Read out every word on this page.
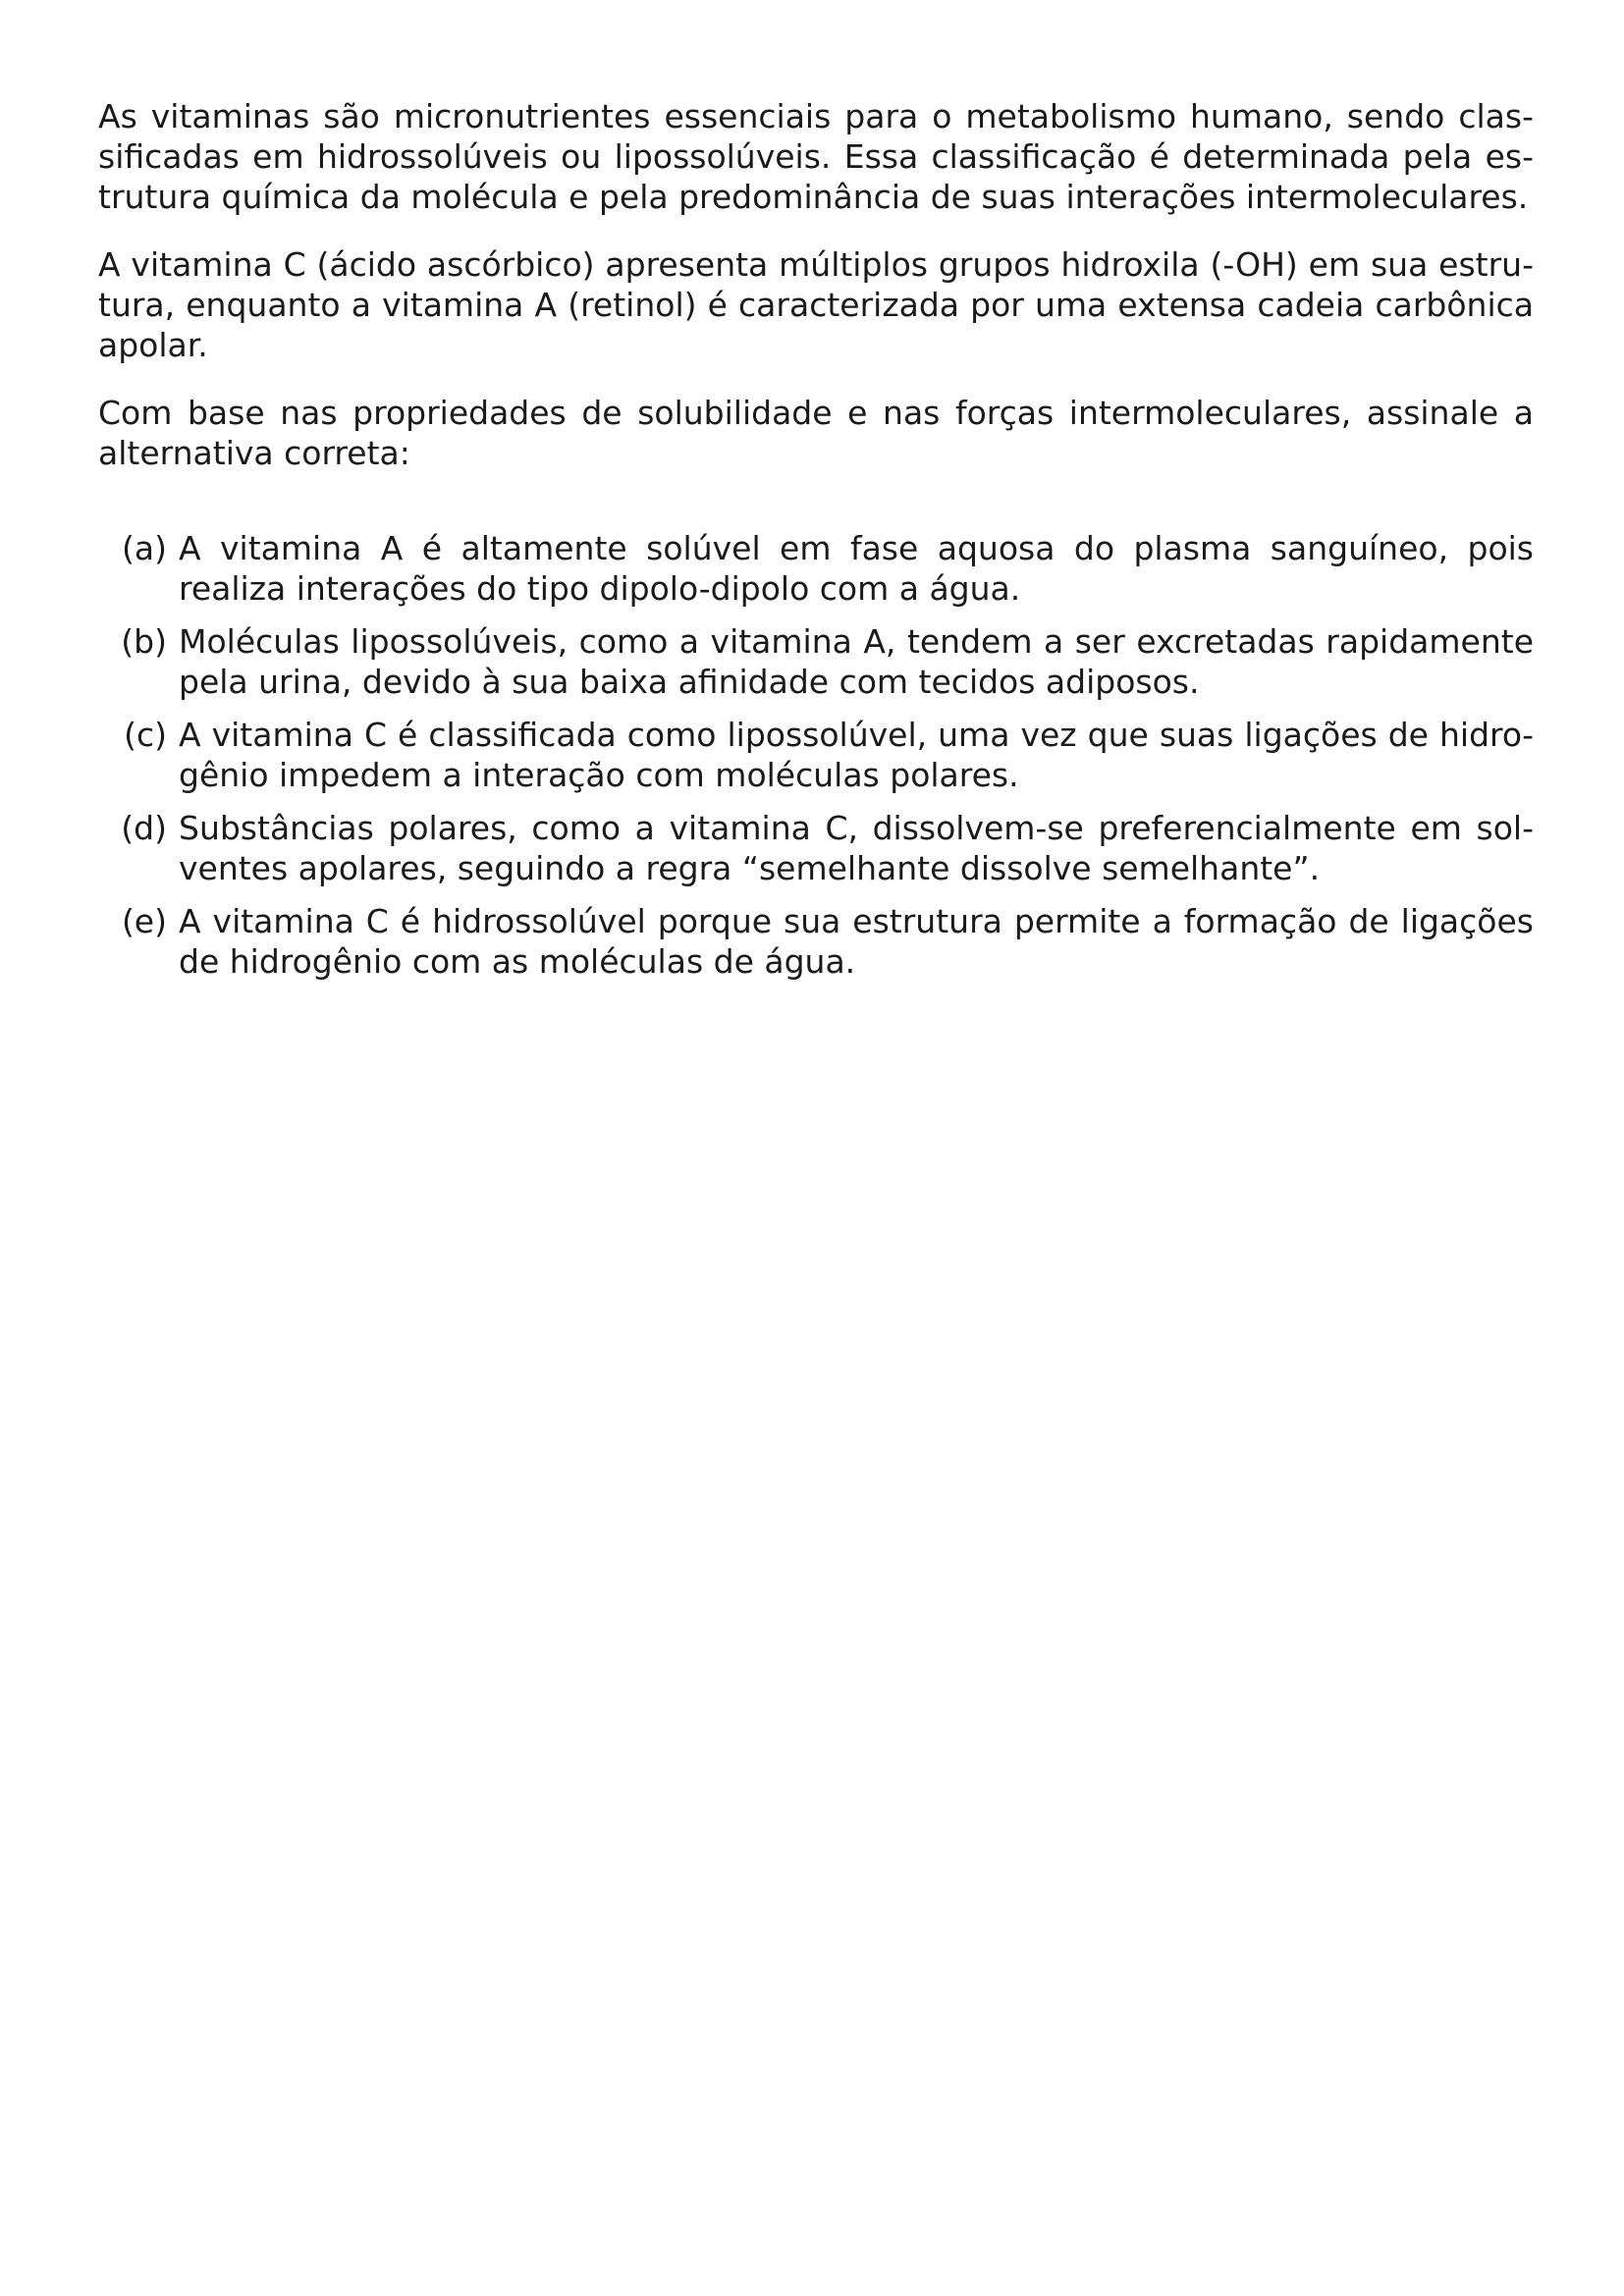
As vitaminas são micronutrientes essenciais para o metabolismo humano, sendo classificadas em hidrossolúveis ou lipossolúveis. Essa classificação é determinada pela estrutura química da molécula e pela predominância de suas interações intermoleculares.

A vitamina C (ácido ascórbico) apresenta múltiplos grupos hidroxila (-OH) em sua estrutura, enquanto a vitamina A (retinol) é caracterizada por uma extensa cadeia carbônica apolar.

Com base nas propriedades de solubilidade e nas forças intermoleculares, assinale a alternativa correta:

(a) A vitamina A é altamente solúvel em fase aquosa do plasma sanguíneo, pois realiza interações do tipo dipolo-dipolo com a água.
(b) Moléculas lipossolúveis, como a vitamina A, tendem a ser excretadas rapidamente pela urina, devido à sua baixa afinidade com tecidos adiposos.
(c) A vitamina C é classificada como lipossolúvel, uma vez que suas ligações de hidrogênio impedem a interação com moléculas polares.
(d) Substâncias polares, como a vitamina C, dissolvem-se preferencialmente em solventes apolares, seguindo a regra “semelhante dissolve semelhante”.
(e) A vitamina C é hidrossolúvel porque sua estrutura permite a formação de ligações de hidrogênio com as moléculas de água.
